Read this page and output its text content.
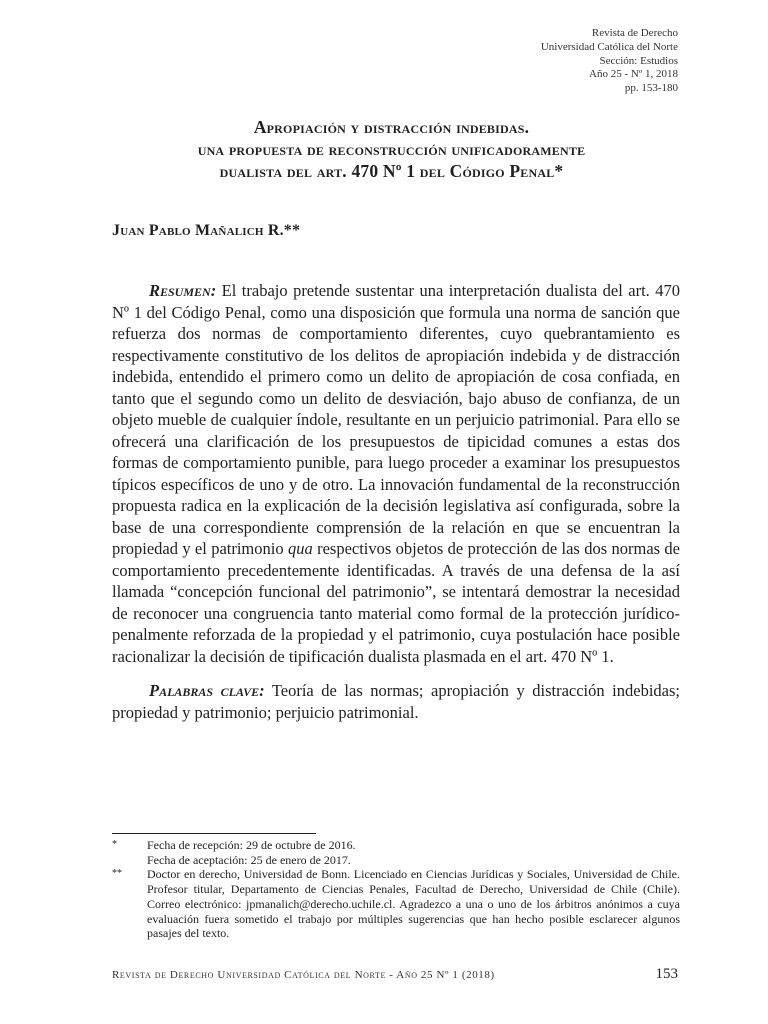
Revista de Derecho
Universidad Católica del Norte
Sección: Estudios
Año 25 - Nº 1, 2018
pp. 153-180
Apropiación y distracción indebidas.
una propuesta de reconstrucción unificadoramente
dualista del art. 470 Nº 1 del Código Penal*
Juan Pablo Mañalich R.**

Resumen: El trabajo pretende sustentar una interpretación dualista del art. 470 Nº 1 del Código Penal, como una disposición que formula una norma de sanción que refuerza dos normas de comportamiento diferentes, cuyo quebrantamiento es respectivamente constitutivo de los delitos de apropiación indebida y de distracción indebida, entendido el primero como un delito de apropiación de cosa confiada, en tanto que el segundo como un delito de desviación, bajo abuso de confianza, de un objeto mueble de cualquier índole, resultante en un perjuicio patrimonial. Para ello se ofrecerá una clarificación de los presupuestos de tipicidad comunes a estas dos formas de comportamiento punible, para luego proceder a examinar los presupuestos típicos específicos de uno y de otro. La innovación fundamental de la reconstrucción propuesta radica en la explicación de la decisión legislativa así configurada, sobre la base de una correspondiente comprensión de la relación en que se encuentran la propiedad y el patrimonio qua respectivos objetos de protección de las dos normas de comportamiento precedentemente identificadas. A través de una defensa de la así llamada “concepción funcional del patrimonio”, se intentará demostrar la necesidad de reconocer una congruencia tanto material como formal de la protección jurídico-penalmente reforzada de la propiedad y el patrimonio, cuya postulación hace posible racionalizar la decisión de tipificación dualista plasmada en el art. 470 Nº 1.

Palabras clave: Teoría de las normas; apropiación y distracción indebidas; propiedad y patrimonio; perjuicio patrimonial.

*	Fecha de recepción: 29 de octubre de 2016.
Fecha de aceptación: 25 de enero de 2017.
**	Doctor en derecho, Universidad de Bonn. Licenciado en Ciencias Jurídicas y Sociales, Universidad de Chile. Profesor titular, Departamento de Ciencias Penales, Facultad de Derecho, Universidad de Chile (Chile). Correo electrónico: jpmanalich@derecho.uchile.cl. Agradezco a una o uno de los árbitros anónimos a cuya evaluación fuera sometido el trabajo por múltiples sugerencias que han hecho posible esclarecer algunos pasajes del texto.
Revista de Derecho Universidad Católica del Norte - Año 25 Nº 1 (2018)	153
